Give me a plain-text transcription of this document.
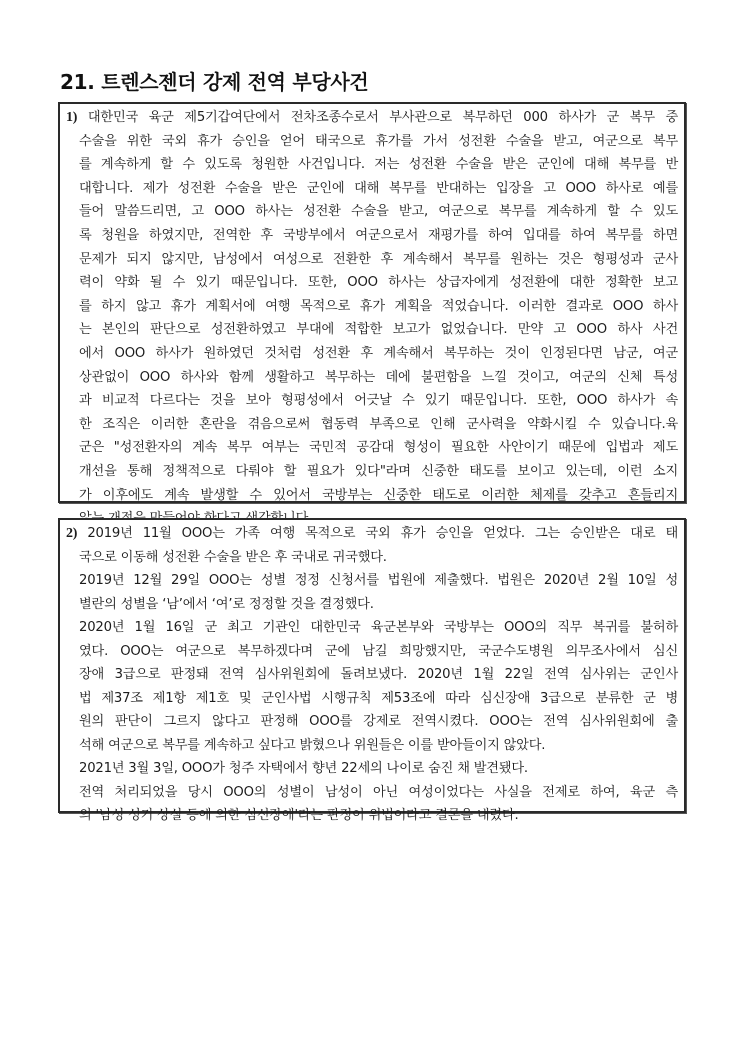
21. 트렌스젠더 강제 전역 부당사건
1) 대한민국 육군 제5기갑여단에서 전차조종수로서 부사관으로 복무하던 000 하사가 군 복무 중
수술을 위한 국외 휴가 승인을 얻어 태국으로 휴가를 가서 성전환 수술을 받고, 여군으로 복무
를 계속하게 할 수 있도록 청원한 사건입니다. 저는 성전환 수술을 받은 군인에 대해 복무를 반
대합니다. 제가 성전환 수술을 받은 군인에 대해 복무를 반대하는 입장을 고 OOO 하사로 예를
들어 말씀드리면, 고 OOO 하사는 성전환 수술을 받고, 여군으로 복무를 계속하게 할 수 있도
록 청원을 하였지만, 전역한 후 국방부에서 여군으로서 재평가를 하여 입대를 하여 복무를 하면
문제가 되지 않지만, 남성에서 여성으로 전환한 후 계속해서 복무를 원하는 것은 형평성과 군사
력이 약화 될 수 있기 때문입니다. 또한, OOO 하사는 상급자에게 성전환에 대한 정확한 보고
를 하지 않고 휴가 계획서에 여행 목적으로 휴가 계획을 적었습니다. 이러한 결과로 OOO 하사
는 본인의 판단으로 성전환하였고 부대에 적합한 보고가 없었습니다. 만약 고 OOO 하사 사건
에서 OOO 하사가 원하였던 것처럼 성전환 후 계속해서 복무하는 것이 인정된다면 남군, 여군
상관없이 OOO 하사와 함께 생활하고 복무하는 데에 불편함을 느낄 것이고, 여군의 신체 특성
과 비교적 다르다는 것을 보아 형평성에서 어긋날 수 있기 때문입니다. 또한, OOO 하사가 속
한 조직은 이러한 혼란을 겪음으로써 협동력 부족으로 인해 군사력을 약화시킬 수 있습니다.육
군은 "성전환자의 계속 복무 여부는 국민적 공감대 형성이 필요한 사안이기 때문에 입법과 제도
개선을 통해 정책적으로 다뤄야 할 필요가 있다"라며 신중한 태도를 보이고 있는데, 이런 소지
가 이후에도 계속 발생할 수 있어서 국방부는 신중한 태도로 이러한 체제를 갖추고 흔들리지
2) 2019년 11월 OOO는 가족 여행 목적으로 국외 휴가 승인을 얻었다. 그는 승인받은 대로 태
국으로 이동해 성전환 수술을 받은 후 국내로 귀국했다.
2019년 12월 29일 OOO는 성별 정정 신청서를 법원에 제출했다. 법원은 2020년 2월 10일 성
별란의 성별을 ‘남’에서 ‘여’로 정정할 것을 결정했다.
2020년 1월 16일 군 최고 기관인 대한민국 육군본부와 국방부는 OOO의 직무 복귀를 불허하
였다. OOO는 여군으로 복무하겠다며 군에 남길 희망했지만, 국군수도병원 의무조사에서 심신
장애 3급으로 판정돼 전역 심사위원회에 돌려보냈다. 2020년 1월 22일 전역 심사위는 군인사
법 제37조 제1항 제1호 및 군인사법 시행규칙 제53조에 따라 심신장애 3급으로 분류한 군 병
원의 판단이 그르지 않다고 판정해 OOO를 강제로 전역시켰다. OOO는 전역 심사위원회에 출
석해 여군으로 복무를 계속하고 싶다고 밝혔으나 위원들은 이를 받아들이지 않았다.
2021년 3월 3일, OOO가 청주 자택에서 향년 22세의 나이로 숨진 채 발견됐다.
전역 처리되었을 당시 OOO의 성별이 남성이 아닌 여성이었다는 사실을 전제로 하여, 육군 측
의 '남성 성기 상실 등에 의한 심신장애'라는 판정이 위법이라고 결론을 내렸다.
